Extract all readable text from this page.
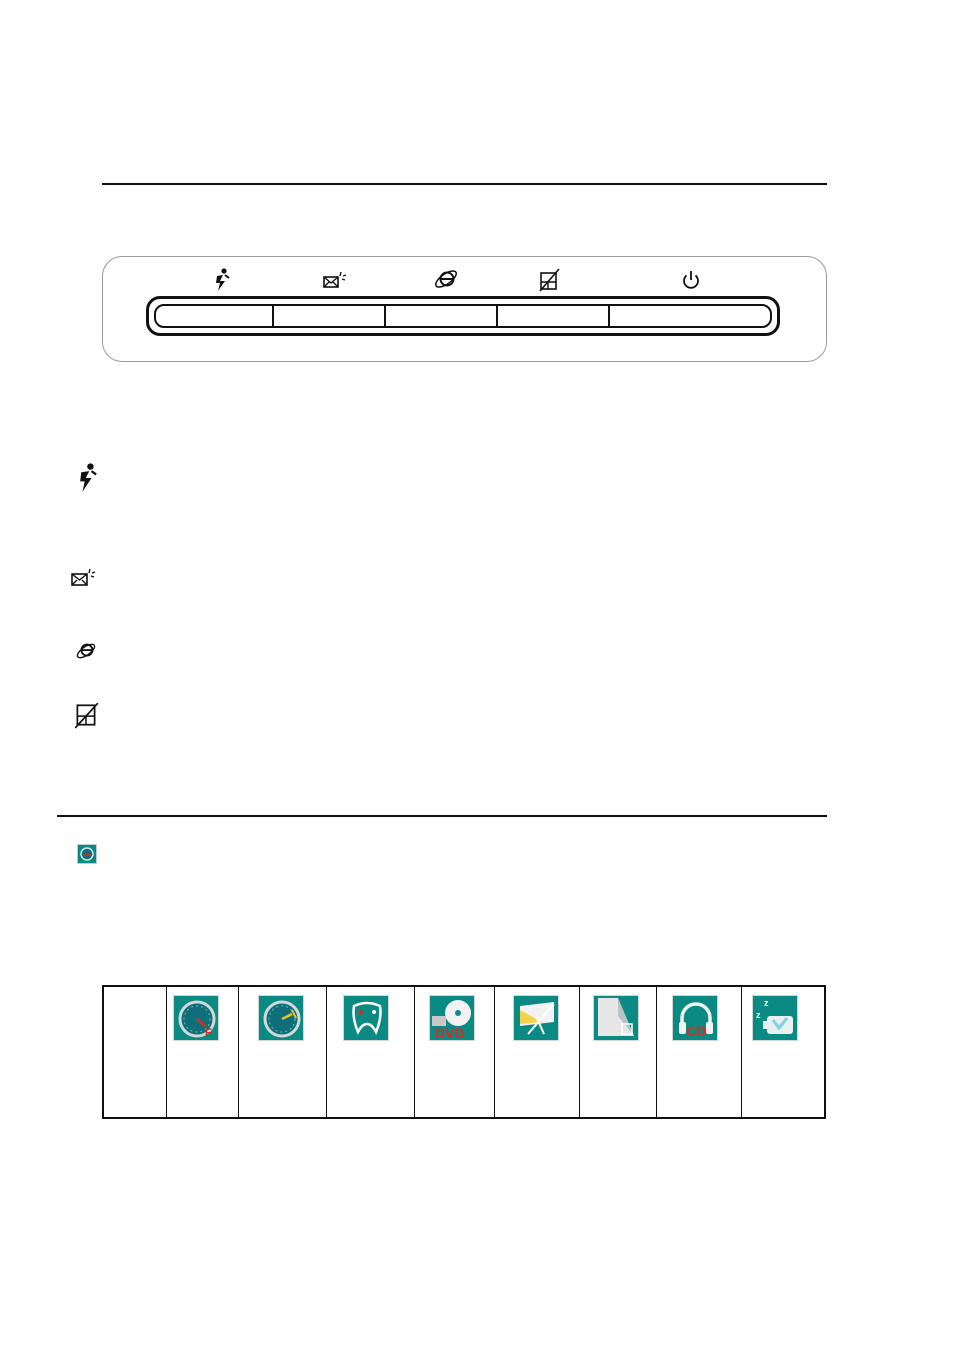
F	DVD	CD
z
z
